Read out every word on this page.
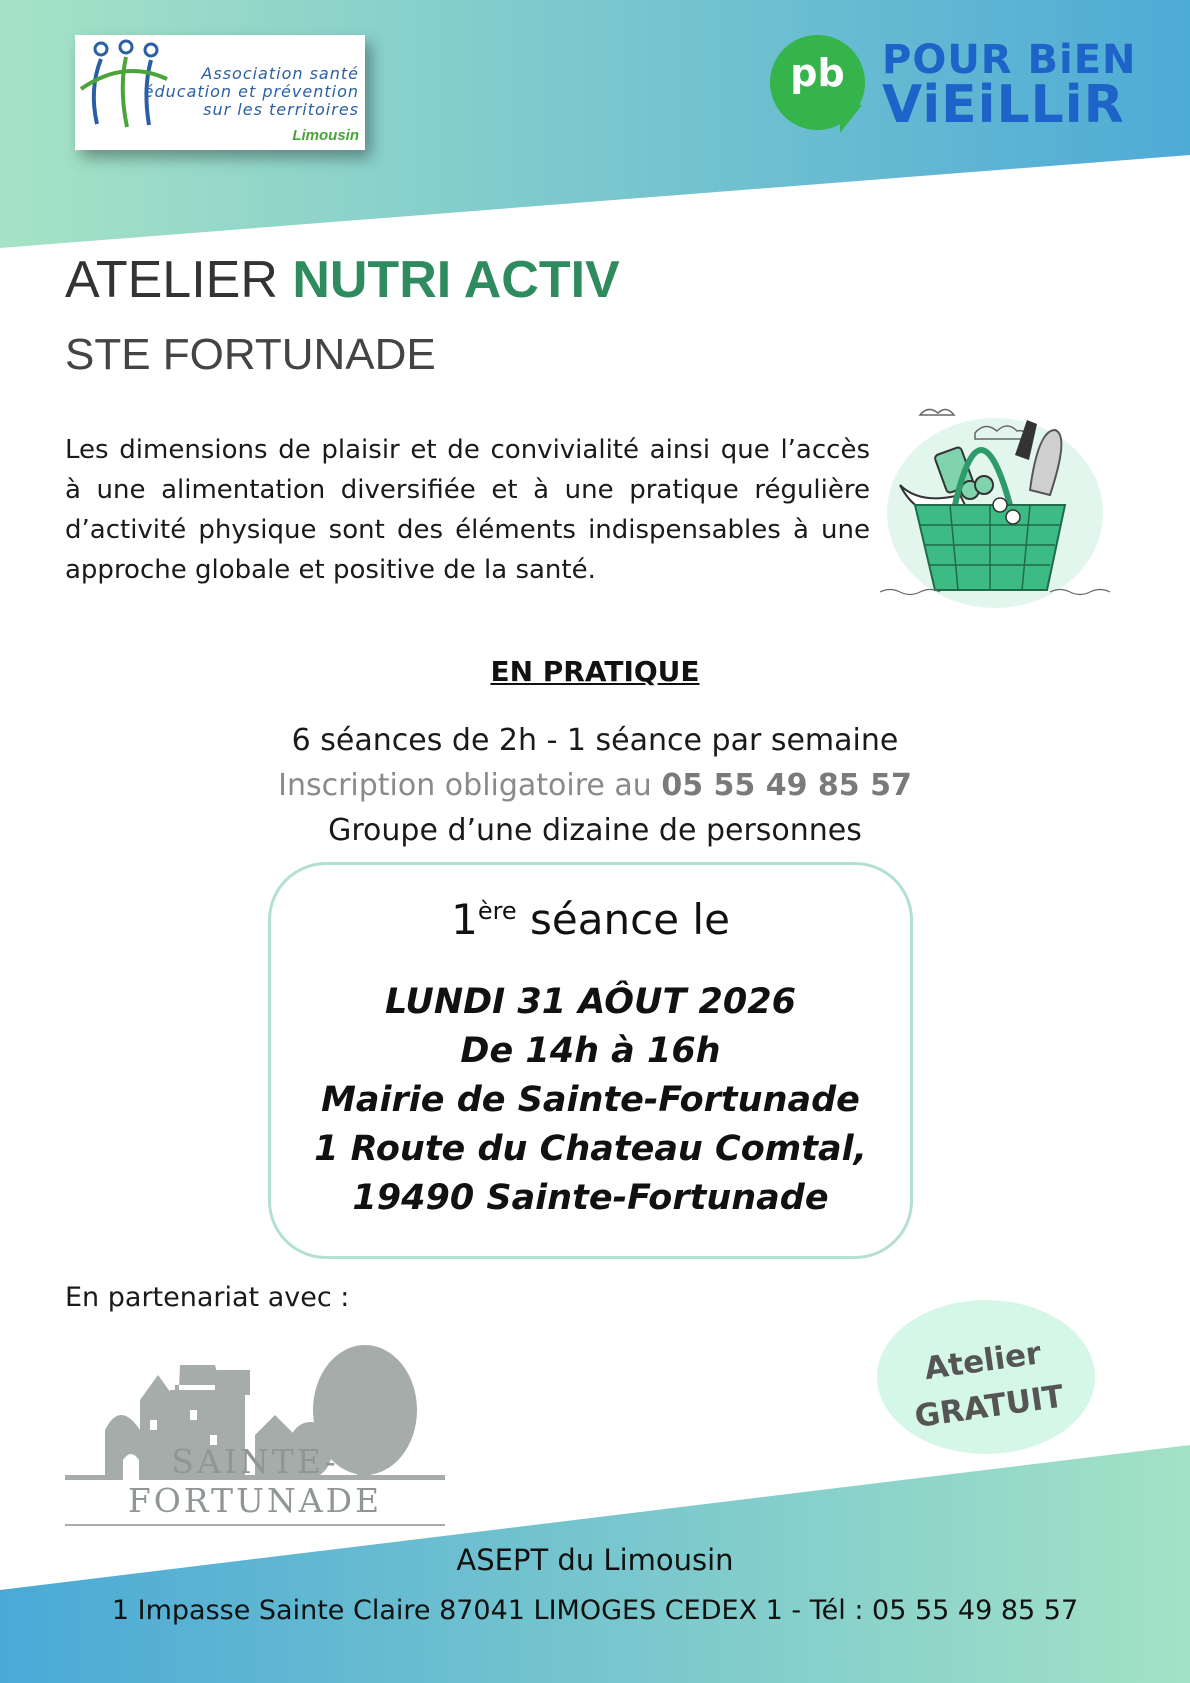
Association santé
éducation et prévention
sur les territoires
Limousin
pb POUR BiEN
ViEiLLiR
ATELIER NUTRI ACTIV
STE FORTUNADE
Les dimensions de plaisir et de convivialité ainsi que l’accès à une alimentation diversifiée et à une pratique régulière d’activité physique sont des éléments indispensables à une approche globale et positive de la santé.
EN PRATIQUE
6 séances de 2h - 1 séance par semaine
Inscription obligatoire au 05 55 49 85 57
Groupe d’une dizaine de personnes
1ère séance le
LUNDI 31 AÔUT 2026
De 14h à 16h
Mairie de Sainte-Fortunade
1 Route du Chateau Comtal,
19490 Sainte-Fortunade
En partenariat avec :
SAINTE-FORTUNADE
Atelier
GRATUIT
ASEPT du Limousin
1 Impasse Sainte Claire 87041 LIMOGES CEDEX 1 - Tél : 05 55 49 85 57
